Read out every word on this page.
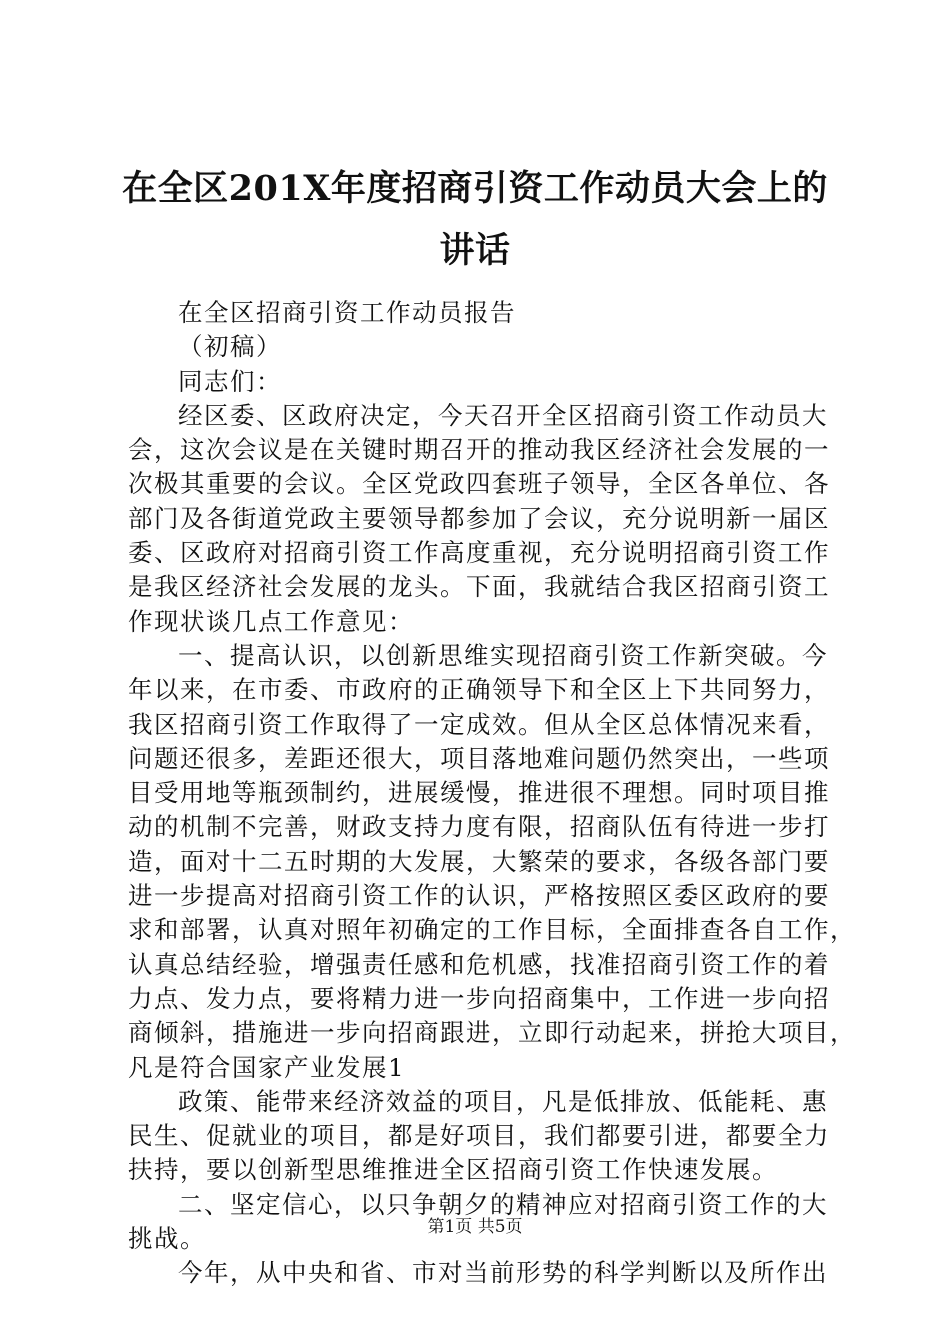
在全区201X年度招商引资工作动员大会上的
讲话
在全区招商引资工作动员报告
（初稿）
同志们：
经区委、区政府决定，今天召开全区招商引资工作动员大
会，这次会议是在关键时期召开的推动我区经济社会发展的一
次极其重要的会议。全区党政四套班子领导，全区各单位、各
部门及各街道党政主要领导都参加了会议，充分说明新一届区
委、区政府对招商引资工作高度重视，充分说明招商引资工作
是我区经济社会发展的龙头。下面，我就结合我区招商引资工
作现状谈几点工作意见：
一、提高认识，以创新思维实现招商引资工作新突破。今
年以来，在市委、市政府的正确领导下和全区上下共同努力，
我区招商引资工作取得了一定成效。但从全区总体情况来看，
问题还很多，差距还很大，项目落地难问题仍然突出，一些项
目受用地等瓶颈制约，进展缓慢，推进很不理想。同时项目推
动的机制不完善，财政支持力度有限，招商队伍有待进一步打
造，面对十二五时期的大发展，大繁荣的要求，各级各部门要
进一步提高对招商引资工作的认识，严格按照区委区政府的要
求和部署，认真对照年初确定的工作目标，全面排查各自工作，
认真总结经验，增强责任感和危机感，找准招商引资工作的着
力点、发力点，要将精力进一步向招商集中，工作进一步向招
商倾斜，措施进一步向招商跟进，立即行动起来，拼抢大项目，
凡是符合国家产业发展1
政策、能带来经济效益的项目，凡是低排放、低能耗、惠
民生、促就业的项目，都是好项目，我们都要引进，都要全力
扶持，要以创新型思维推进全区招商引资工作快速发展。
二、坚定信心，以只争朝夕的精神应对招商引资工作的大
挑战。
今年，从中央和省、市对当前形势的科学判断以及所作出
第1页 共5页
